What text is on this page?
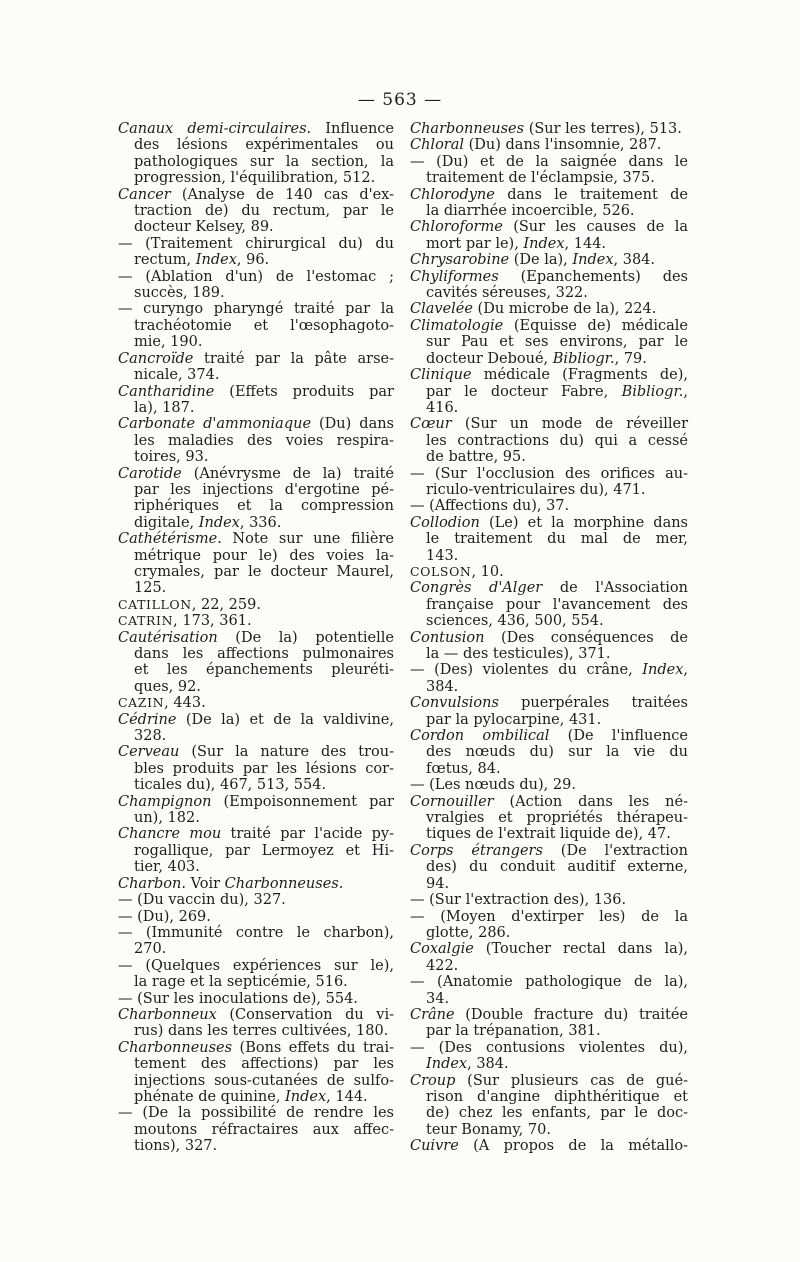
— 563 —
Canaux demi-circulaires. Influence
des lésions expérimentales ou
pathologiques sur la section, la
progression, l'équilibration, 512.
Cancer (Analyse de 140 cas d'ex-
traction de) du rectum, par le
docteur Kelsey, 89.
— (Traitement chirurgical du) du
rectum, Index, 96.
— (Ablation d'un) de l'estomac ;
succès, 189.
— curyngo pharyngé traité par la
trachéotomie et l'œsophagoto-
mie, 190.
Cancroïde traité par la pâte arse-
nicale, 374.
Cantharidine (Effets produits par
la), 187.
Carbonate d'ammoniaque (Du) dans
les maladies des voies respira-
toires, 93.
Carotide (Anévrysme de la) traité
par les injections d'ergotine pé-
riphériques et la compression
digitale, Index, 336.
Cathétérisme. Note sur une filière
métrique pour le) des voies la-
crymales, par le docteur Maurel,
125.
CATILLON, 22, 259.
CATRIN, 173, 361.
Cautérisation (De la) potentielle
dans les affections pulmonaires
et les épanchements pleuréti-
ques, 92.
CAZIN, 443.
Cédrine (De la) et de la valdivine,
328.
Cerveau (Sur la nature des trou-
bles produits par les lésions cor-
ticales du), 467, 513, 554.
Champignon (Empoisonnement par
un), 182.
Chancre mou traité par l'acide py-
rogallique, par Lermoyez et Hi-
tier, 403.
Charbon. Voir Charbonneuses.
— (Du vaccin du), 327.
— (Du), 269.
— (Immunité contre le charbon),
270.
— (Quelques expériences sur le),
la rage et la septicémie, 516.
— (Sur les inoculations de), 554.
Charbonneux (Conservation du vi-
rus) dans les terres cultivées, 180.
Charbonneuses (Bons effets du trai-
tement des affections) par les
injections sous-cutanées de sulfo-
phénate de quinine, Index, 144.
— (De la possibilité de rendre les
moutons réfractaires aux affec-
tions), 327.
Charbonneuses (Sur les terres), 513.
Chloral (Du) dans l'insomnie, 287.
— (Du) et de la saignée dans le
traitement de l'éclampsie, 375.
Chlorodyne dans le traitement de
la diarrhée incoercible, 526.
Chloroforme (Sur les causes de la
mort par le), Index, 144.
Chrysarobine (De la), Index, 384.
Chyliformes (Epanchements) des
cavités séreuses, 322.
Clavelée (Du microbe de la), 224.
Climatologie (Equisse de) médicale
sur Pau et ses environs, par le
docteur Deboué, Bibliogr., 79.
Clinique médicale (Fragments de),
par le docteur Fabre, Bibliogr.,
416.
Cœur (Sur un mode de réveiller
les contractions du) qui a cessé
de battre, 95.
— (Sur l'occlusion des orifices au-
riculo-ventriculaires du), 471.
— (Affections du), 37.
Collodion (Le) et la morphine dans
le traitement du mal de mer,
143.
COLSON, 10.
Congrès d'Alger de l'Association
française pour l'avancement des
sciences, 436, 500, 554.
Contusion (Des conséquences de
la — des testicules), 371.
— (Des) violentes du crâne, Index,
384.
Convulsions puerpérales traitées
par la pylocarpine, 431.
Cordon ombilical (De l'influence
des nœuds du) sur la vie du
fœtus, 84.
— (Les nœuds du), 29.
Cornouiller (Action dans les né-
vralgies et propriétés thérapeu-
tiques de l'extrait liquide de), 47.
Corps étrangers (De l'extraction
des) du conduit auditif externe,
94.
— (Sur l'extraction des), 136.
— (Moyen d'extirper les) de la
glotte, 286.
Coxalgie (Toucher rectal dans la),
422.
— (Anatomie pathologique de la),
34.
Crâne (Double fracture du) traitée
par la trépanation, 381.
— (Des contusions violentes du),
Index, 384.
Croup (Sur plusieurs cas de gué-
rison d'angine diphthéritique et
de) chez les enfants, par le doc-
teur Bonamy, 70.
Cuivre (A propos de la métallo-
